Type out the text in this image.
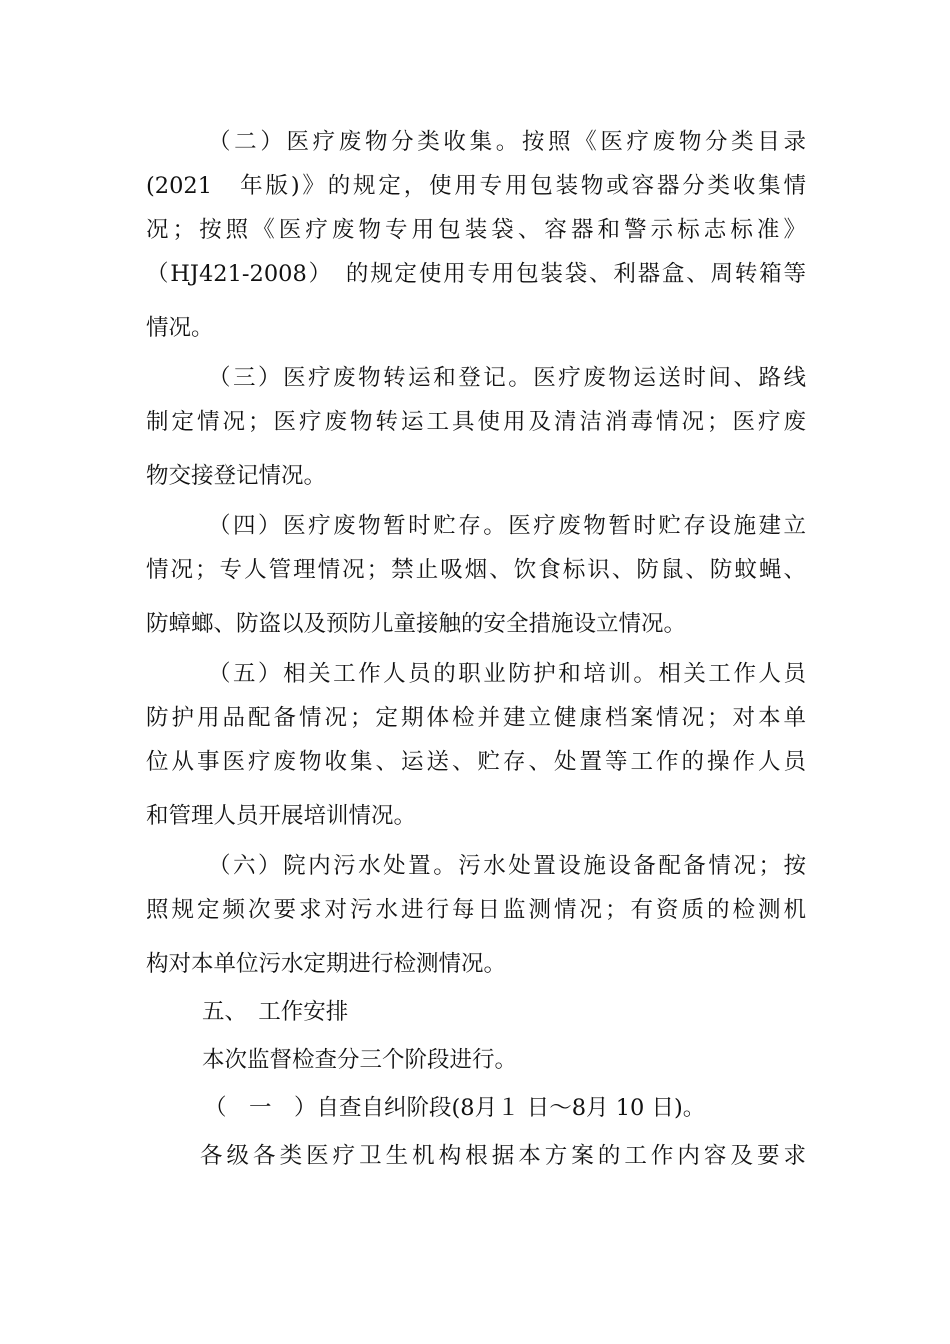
（二）医疗废物分类收集。按照《医疗废物分类目录
(2021　年版)》的规定，使用专用包装物或容器分类收集情
况；按照《医疗废物专用包装袋、容器和警示标志标准》
（HJ421-2008）　的规定使用专用包装袋、利器盒、周转箱等
情况。
（三）医疗废物转运和登记。医疗废物运送时间、路线
制定情况；医疗废物转运工具使用及清洁消毒情况；医疗废
物交接登记情况。
（四）医疗废物暂时贮存。医疗废物暂时贮存设施建立
情况；专人管理情况；禁止吸烟、饮食标识、防鼠、防蚊蝇、
防蟑螂、防盗以及预防儿童接触的安全措施设立情况。
（五）相关工作人员的职业防护和培训。相关工作人员
防护用品配备情况；定期体检并建立健康档案情况；对本单
位从事医疗废物收集、运送、贮存、处置等工作的操作人员
和管理人员开展培训情况。
（六）院内污水处置。污水处置设施设备配备情况；按
照规定频次要求对污水进行每日监测情况；有资质的检测机
构对本单位污水定期进行检测情况。
五、　工作安排
本次监督检查分三个阶段进行。
（　一　）自查自纠阶段(8月１ 日～8月 10 日)。
各级各类医疗卫生机构根据本方案的工作内容及要求
